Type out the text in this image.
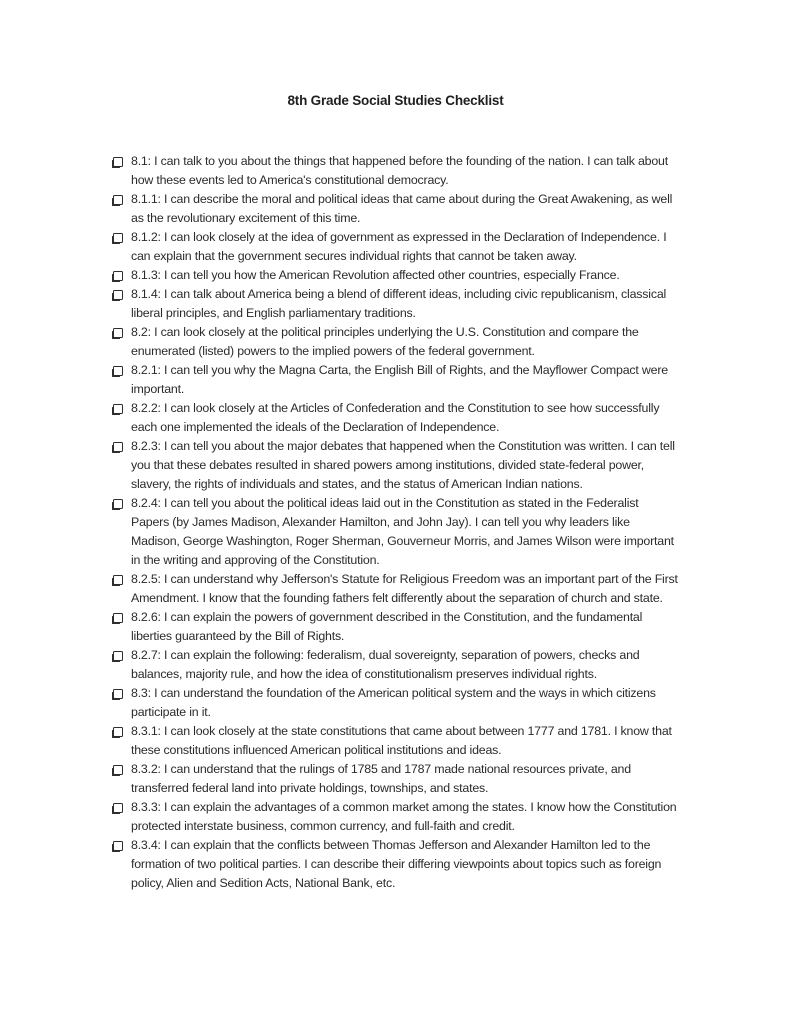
8th Grade Social Studies Checklist
8.1: I can talk to you about the things that happened before the founding of the nation. I can talk about how these events led to America's constitutional democracy.
8.1.1: I can describe the moral and political ideas that came about during the Great Awakening, as well as the revolutionary excitement of this time.
8.1.2: I can look closely at the idea of government as expressed in the Declaration of Independence. I can explain that the government secures individual rights that cannot be taken away.
8.1.3: I can tell you how the American Revolution affected other countries, especially France.
8.1.4: I can talk about America being a blend of different ideas, including civic republicanism, classical liberal principles, and English parliamentary traditions.
8.2: I can look closely at the political principles underlying the U.S. Constitution and compare the enumerated (listed) powers to the implied powers of the federal government.
8.2.1: I can tell you why the Magna Carta, the English Bill of Rights, and the Mayflower Compact were important.
8.2.2: I can look closely at the Articles of Confederation and the Constitution to see how successfully each one implemented the ideals of the Declaration of Independence.
8.2.3: I can tell you about the major debates that happened when the Constitution was written. I can tell you that these debates resulted in shared powers among institutions, divided state-federal power, slavery, the rights of individuals and states, and the status of American Indian nations.
8.2.4: I can tell you about the political ideas laid out in the Constitution as stated in the Federalist Papers (by James Madison, Alexander Hamilton, and John Jay). I can tell you why leaders like Madison, George Washington, Roger Sherman, Gouverneur Morris, and James Wilson were important in the writing and approving of the Constitution.
8.2.5: I can understand why Jefferson's Statute for Religious Freedom was an important part of the First Amendment. I know that the founding fathers felt differently about the separation of church and state.
8.2.6: I can explain the powers of government described in the Constitution, and the fundamental liberties guaranteed by the Bill of Rights.
8.2.7: I can explain the following: federalism, dual sovereignty, separation of powers, checks and balances, majority rule, and how the idea of constitutionalism preserves individual rights.
8.3: I can understand the foundation of the American political system and the ways in which citizens participate in it.
8.3.1: I can look closely at the state constitutions that came about between 1777 and 1781. I know that these constitutions influenced American political institutions and ideas.
8.3.2: I can understand that the rulings of 1785 and 1787 made national resources private, and transferred federal land into private holdings, townships, and states.
8.3.3: I can explain the advantages of a common market among the states. I know how the Constitution protected interstate business, common currency, and full-faith and credit.
8.3.4: I can explain that the conflicts between Thomas Jefferson and Alexander Hamilton led to the formation of two political parties. I can describe their differing viewpoints about topics such as foreign policy, Alien and Sedition Acts, National Bank, etc.
